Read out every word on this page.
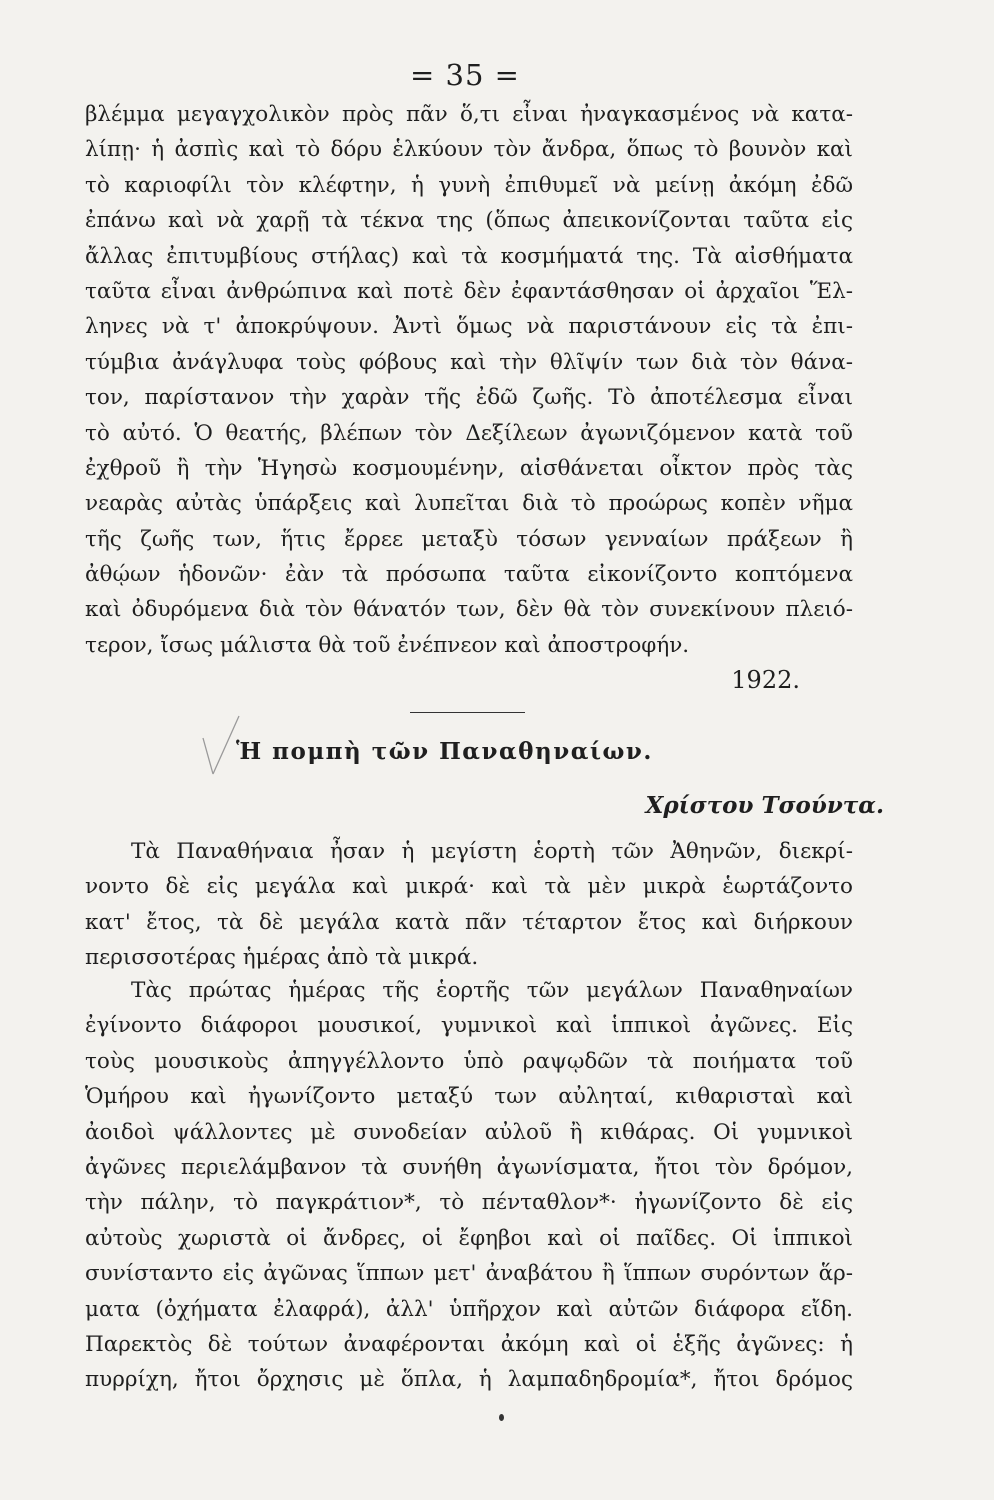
= 35 =
βλέμμα μεγαγχολικὸν πρὸς πᾶν ὅ,τι εἶναι ἠναγκασμένος νὰ κατα-
λίπῃ· ἡ ἀσπὶς καὶ τὸ δόρυ ἑλκύουν τὸν ἄνδρα, ὅπως τὸ βουνὸν καὶ
τὸ καριοφίλι τὸν κλέφτην, ἡ γυνὴ ἐπιθυμεῖ νὰ μείνῃ ἀκόμη ἐδῶ
ἐπάνω καὶ νὰ χαρῇ τὰ τέκνα της (ὅπως ἀπεικονίζονται ταῦτα εἰς
ἄλλας ἐπιτυμβίους στήλας) καὶ τὰ κοσμήματά της. Τὰ αἰσθήματα
ταῦτα εἶναι ἀνθρώπινα καὶ ποτὲ δὲν ἐφαντάσθησαν οἱ ἀρχαῖοι Ἕλ-
ληνες νὰ τ' ἀποκρύψουν. Ἀντὶ ὅμως νὰ παριστάνουν εἰς τὰ ἐπι-
τύμβια ἀνάγλυφα τοὺς φόβους καὶ τὴν θλῖψίν των διὰ τὸν θάνα-
τον, παρίστανον τὴν χαρὰν τῆς ἐδῶ ζωῆς. Τὸ ἀποτέλεσμα εἶναι
τὸ αὐτό. Ὁ θεατής, βλέπων τὸν Δεξίλεων ἀγωνιζόμενον κατὰ τοῦ
ἐχθροῦ ἢ τὴν Ἡγησὼ κοσμουμένην, αἰσθάνεται οἶκτον πρὸς τὰς
νεαρὰς αὐτὰς ὑπάρξεις καὶ λυπεῖται διὰ τὸ προώρως κοπὲν νῆμα
τῆς ζωῆς των, ἥτις ἔρρεε μεταξὺ τόσων γενναίων πράξεων ἢ
ἀθῴων ἡδονῶν· ἐὰν τὰ πρόσωπα ταῦτα εἰκονίζοντο κοπτόμενα
καὶ ὀδυρόμενα διὰ τὸν θάνατόν των, δὲν θὰ τὸν συνεκίνουν πλειό-
τερον, ἴσως μάλιστα θὰ τοῦ ἐνέπνεον καὶ ἀποστροφήν.
1922.
Ἡ πομπὴ τῶν Παναθηναίων.
Χρίστου Τσούντα.
Τὰ Παναθήναια ἦσαν ἡ μεγίστη ἑορτὴ τῶν Ἀθηνῶν, διεκρί-
νοντο δὲ εἰς μεγάλα καὶ μικρά· καὶ τὰ μὲν μικρὰ ἑωρτάζοντο
κατ' ἔτος, τὰ δὲ μεγάλα κατὰ πᾶν τέταρτον ἔτος καὶ διήρκουν
περισσοτέρας ἡμέρας ἀπὸ τὰ μικρά.
Τὰς πρώτας ἡμέρας τῆς ἑορτῆς τῶν μεγάλων Παναθηναίων
ἐγίνοντο διάφοροι μουσικοί, γυμνικοὶ καὶ ἱππικοὶ ἀγῶνες. Εἰς
τοὺς μουσικοὺς ἀπηγγέλλοντο ὑπὸ ραψῳδῶν τὰ ποιήματα τοῦ
Ὁμήρου καὶ ἠγωνίζοντο μεταξύ των αὐληταί, κιθαρισταὶ καὶ
ἀοιδοὶ ψάλλοντες μὲ συνοδείαν αὐλοῦ ἢ κιθάρας. Οἱ γυμνικοὶ
ἀγῶνες περιελάμβανον τὰ συνήθη ἀγωνίσματα, ἤτοι τὸν δρόμον,
τὴν πάλην, τὸ παγκράτιον*, τὸ πένταθλον*· ἠγωνίζοντο δὲ εἰς
αὐτοὺς χωριστὰ οἱ ἄνδρες, οἱ ἔφηβοι καὶ οἱ παῖδες. Οἱ ἱππικοὶ
συνίσταντο εἰς ἀγῶνας ἵππων μετ' ἀναβάτου ἢ ἵππων συρόντων ἅρ-
ματα (ὀχήματα ἐλαφρά), ἀλλ' ὑπῆρχον καὶ αὐτῶν διάφορα εἴδη.
Παρεκτὸς δὲ τούτων ἀναφέρονται ἀκόμη καὶ οἱ ἑξῆς ἀγῶνες: ἡ
πυρρίχη, ἤτοι ὄρχησις μὲ ὅπλα, ἡ λαμπαδηδρομία*, ἤτοι δρόμος
